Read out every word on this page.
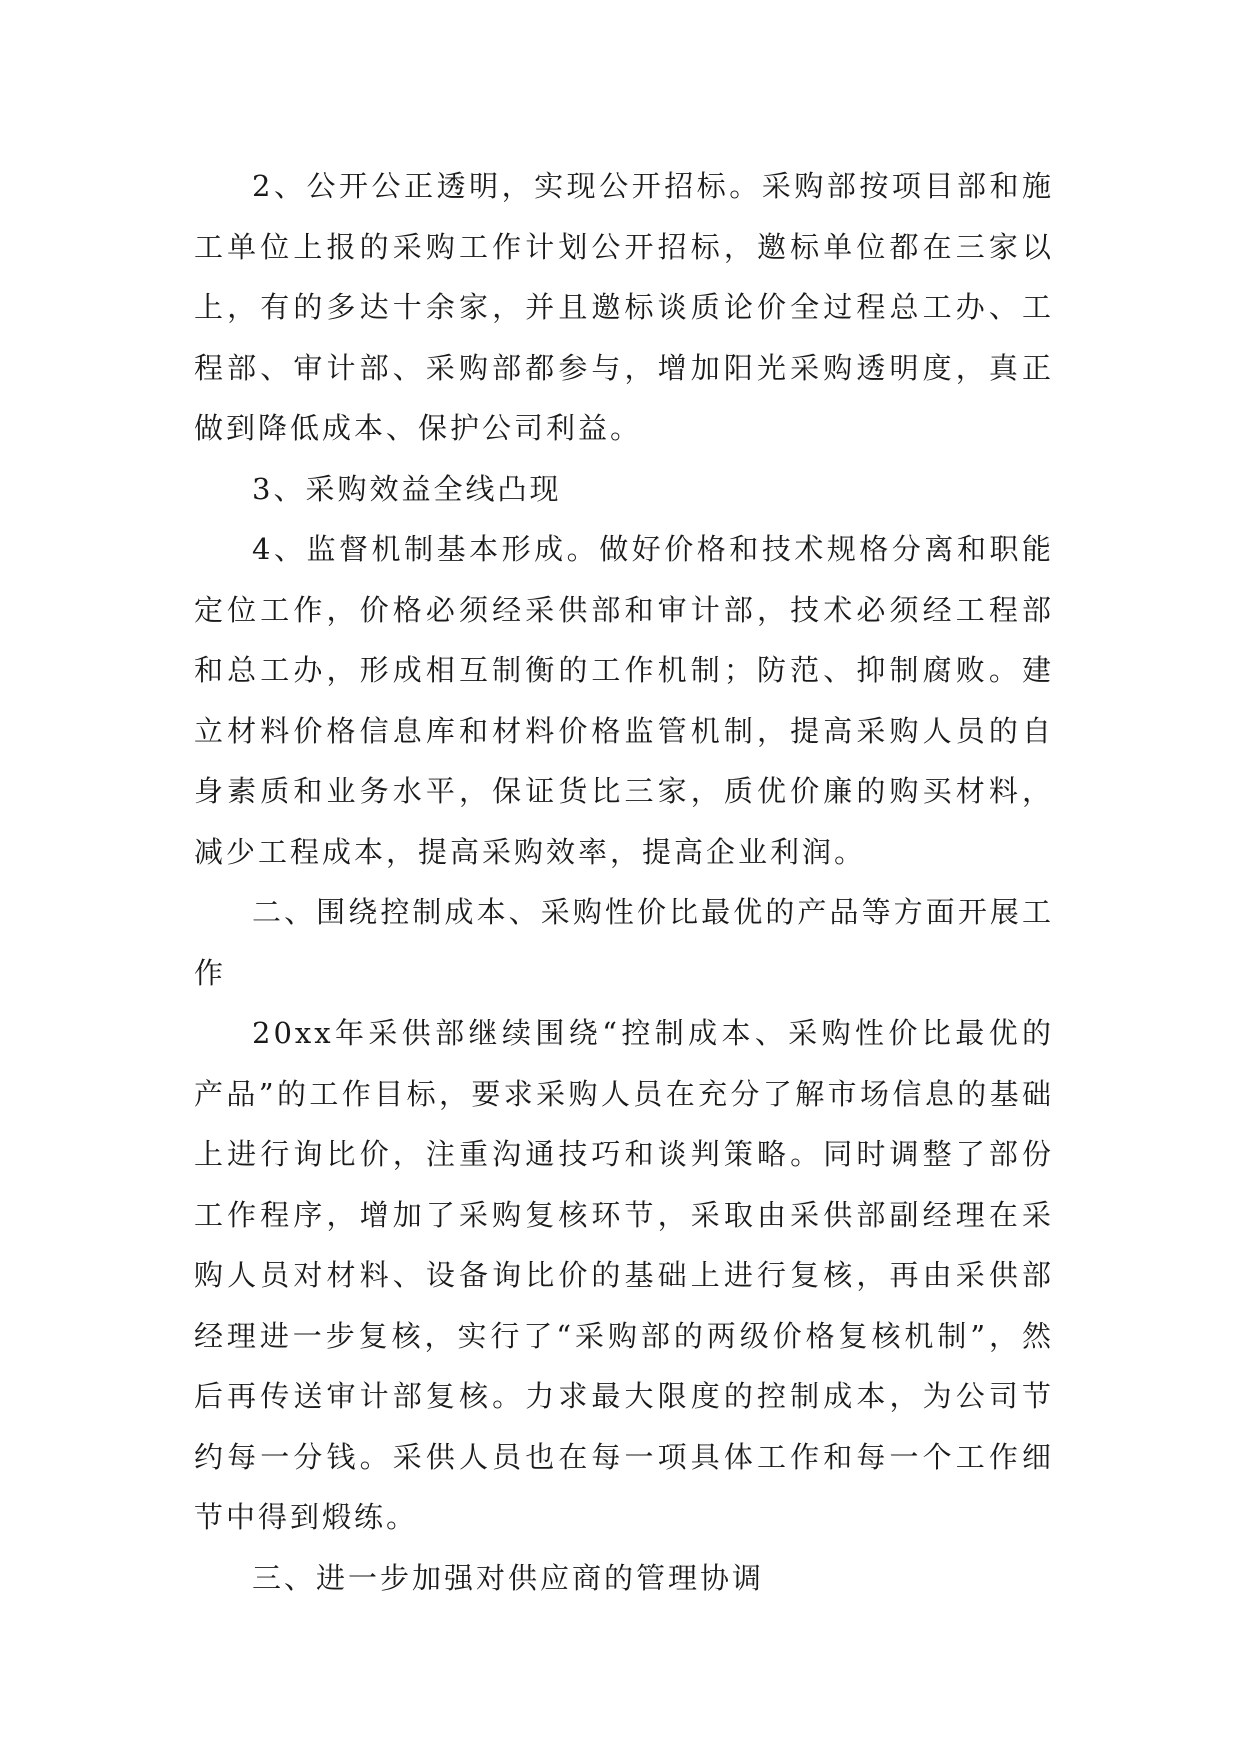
2、公开公正透明，实现公开招标。采购部按项目部和施工单位上报的采购工作计划公开招标，邀标单位都在三家以上，有的多达十余家，并且邀标谈质论价全过程总工办、工程部、审计部、采购部都参与，增加阳光采购透明度，真正做到降低成本、保护公司利益。

3、采购效益全线凸现

4、监督机制基本形成。做好价格和技术规格分离和职能定位工作，价格必须经采供部和审计部，技术必须经工程部和总工办，形成相互制衡的工作机制；防范、抑制腐败。建立材料价格信息库和材料价格监管机制，提高采购人员的自身素质和业务水平，保证货比三家，质优价廉的购买材料，减少工程成本，提高采购效率，提高企业利润。

二、围绕控制成本、采购性价比最优的产品等方面开展工作

20xx年采供部继续围绕“控制成本、采购性价比最优的产品”的工作目标，要求采购人员在充分了解市场信息的基础上进行询比价，注重沟通技巧和谈判策略。同时调整了部份工作程序，增加了采购复核环节，采取由采供部副经理在采购人员对材料、设备询比价的基础上进行复核，再由采供部经理进一步复核，实行了“采购部的两级价格复核机制”，然后再传送审计部复核。力求最大限度的控制成本，为公司节约每一分钱。采供人员也在每一项具体工作和每一个工作细节中得到煅练。

三、进一步加强对供应商的管理协调
